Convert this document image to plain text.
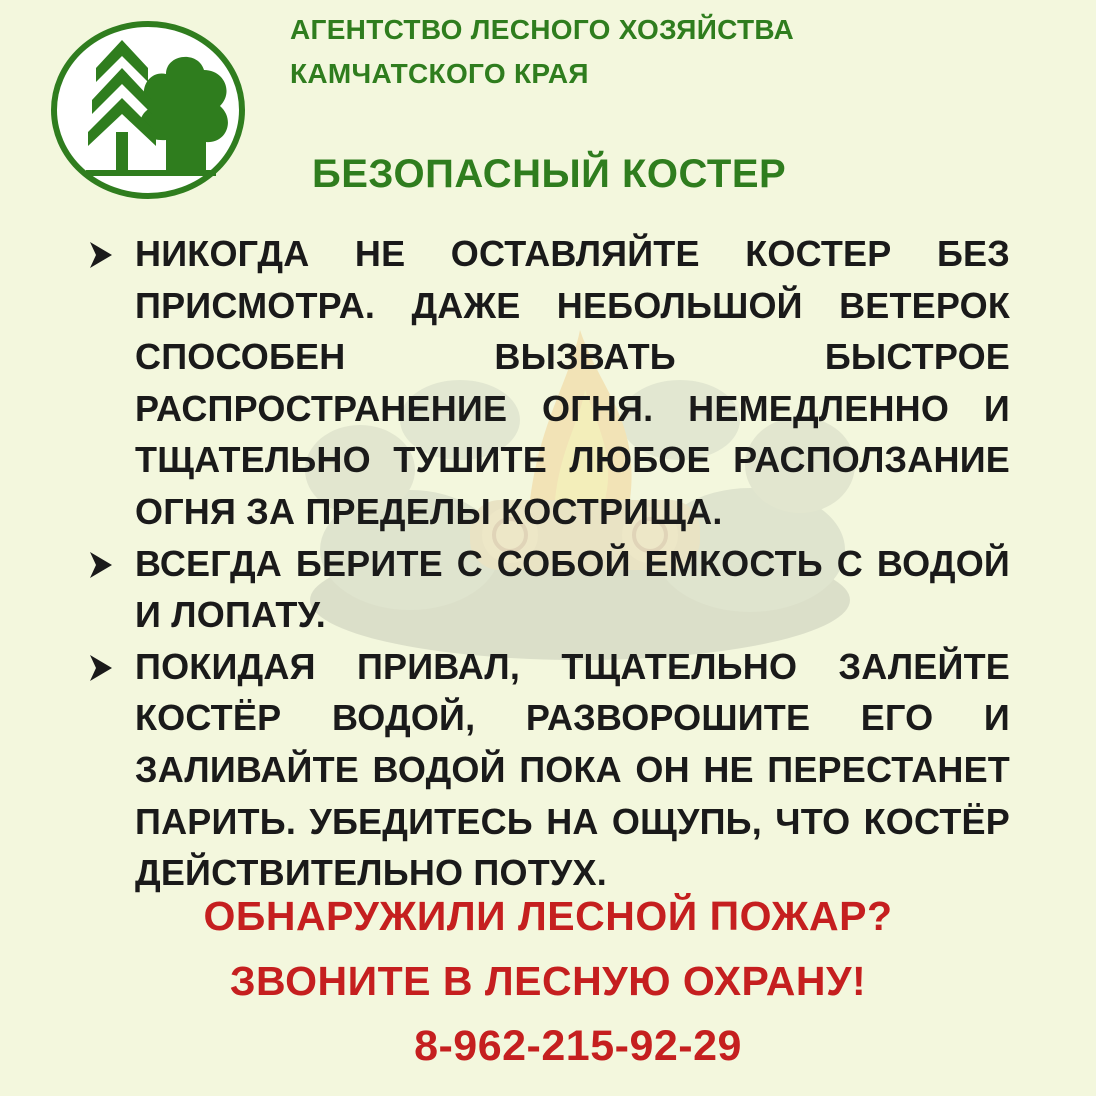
АГЕНТСТВО ЛЕСНОГО ХОЗЯЙСТВА
КАМЧАТСКОГО КРАЯ
БЕЗОПАСНЫЙ КОСТЕР
НИКОГДА НЕ ОСТАВЛЯЙТЕ КОСТЕР БЕЗ ПРИСМОТРА. ДАЖЕ НЕБОЛЬШОЙ ВЕТЕРОК СПОСОБЕН ВЫЗВАТЬ БЫСТРОЕ РАСПРОСТРАНЕНИЕ ОГНЯ. НЕМЕДЛЕННО И ТЩАТЕЛЬНО ТУШИТЕ ЛЮБОЕ РАСПОЛЗАНИЕ ОГНЯ ЗА ПРЕДЕЛЫ КОСТРИЩА.
ВСЕГДА БЕРИТЕ С СОБОЙ ЕМКОСТЬ С ВОДОЙ И ЛОПАТУ.
ПОКИДАЯ ПРИВАЛ, ТЩАТЕЛЬНО ЗАЛЕЙТЕ КОСТЁР ВОДОЙ, РАЗВОРОШИТЕ ЕГО И ЗАЛИВАЙТЕ ВОДОЙ ПОКА ОН НЕ ПЕРЕСТАНЕТ ПАРИТЬ. УБЕДИТЕСЬ НА ОЩУПЬ, ЧТО КОСТЁР ДЕЙСТВИТЕЛЬНО ПОТУХ.
ОБНАРУЖИЛИ ЛЕСНОЙ ПОЖАР?
ЗВОНИТЕ В ЛЕСНУЮ ОХРАНУ!
8-962-215-92-29
